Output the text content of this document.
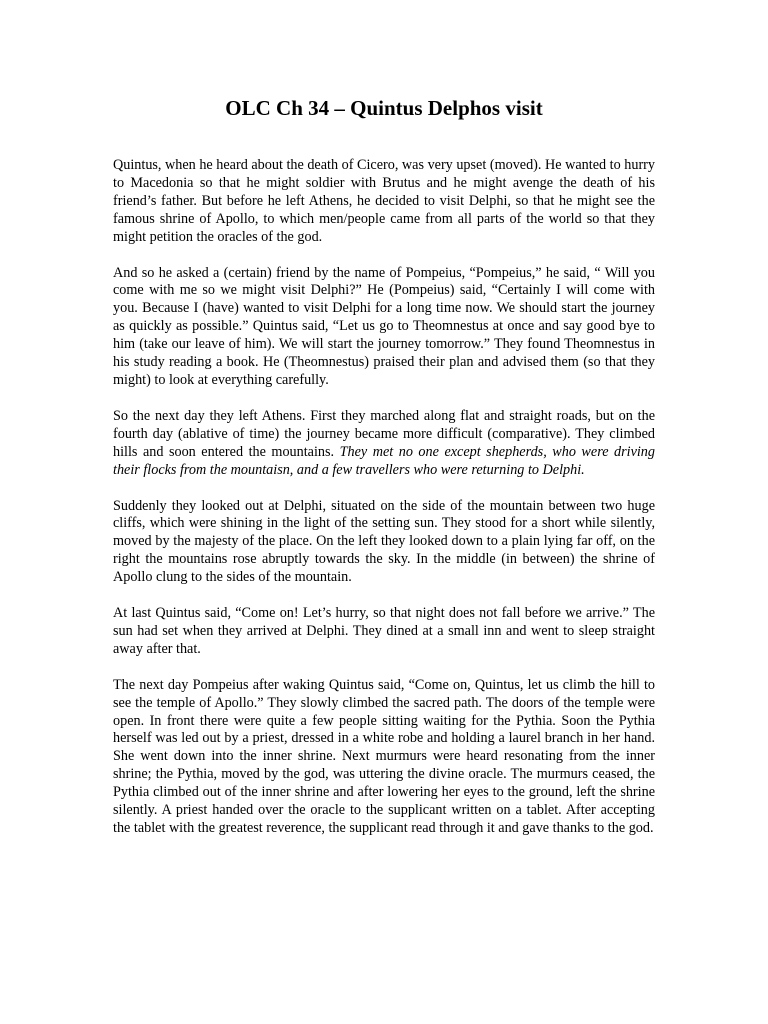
OLC Ch 34 – Quintus Delphos visit

Quintus, when he heard about the death of Cicero, was very upset (moved). He wanted to hurry to Macedonia so that he might soldier with Brutus and he might avenge the death of his friend’s father. But before he left Athens, he decided to visit Delphi, so that he might see the famous shrine of Apollo, to which men/people came from all parts of the world so that they might petition the oracles of the god.

And so he asked a (certain) friend by the name of Pompeius, “Pompeius,” he said, “ Will you come with me so we might visit Delphi?” He (Pompeius) said, “Certainly I will come with you. Because I (have) wanted to visit Delphi for a long time now. We should start the journey as quickly as possible.” Quintus said, “Let us go to Theomnestus at once and say good bye to him (take our leave of him). We will start the journey tomorrow.” They found Theomnestus in his study reading a book. He (Theomnestus) praised their plan and advised them (so that they might) to look at everything carefully.

So the next day they left Athens. First they marched along flat and straight roads, but on the fourth day (ablative of time) the journey became more difficult (comparative). They climbed hills and soon entered the mountains. They met no one except shepherds, who were driving their flocks from the mountaisn, and a few travellers who were returning to Delphi.

Suddenly they looked out at Delphi, situated on the side of the mountain between two huge cliffs, which were shining in the light of the setting sun. They stood for a short while silently, moved by the majesty of the place. On the left they looked down to a plain lying far off, on the right the mountains rose abruptly towards the sky. In the middle (in between) the shrine of Apollo clung to the sides of the mountain.

At last Quintus said, “Come on! Let’s hurry, so that night does not fall before we arrive.” The sun had set when they arrived at Delphi. They dined at a small inn and went to sleep straight away after that.

The next day Pompeius after waking Quintus said, “Come on, Quintus, let us climb the hill to see the temple of Apollo.” They slowly climbed the sacred path. The doors of the temple were open. In front there were quite a few people sitting waiting for the Pythia. Soon the Pythia herself was led out by a priest, dressed in a white robe and holding a laurel branch in her hand. She went down into the inner shrine. Next murmurs were heard resonating from the inner shrine; the Pythia, moved by the god, was uttering the divine oracle. The murmurs ceased, the Pythia climbed out of the inner shrine and after lowering her eyes to the ground, left the shrine silently. A priest handed over the oracle to the supplicant written on a tablet. After accepting the tablet with the greatest reverence, the supplicant read through it and gave thanks to the god.
